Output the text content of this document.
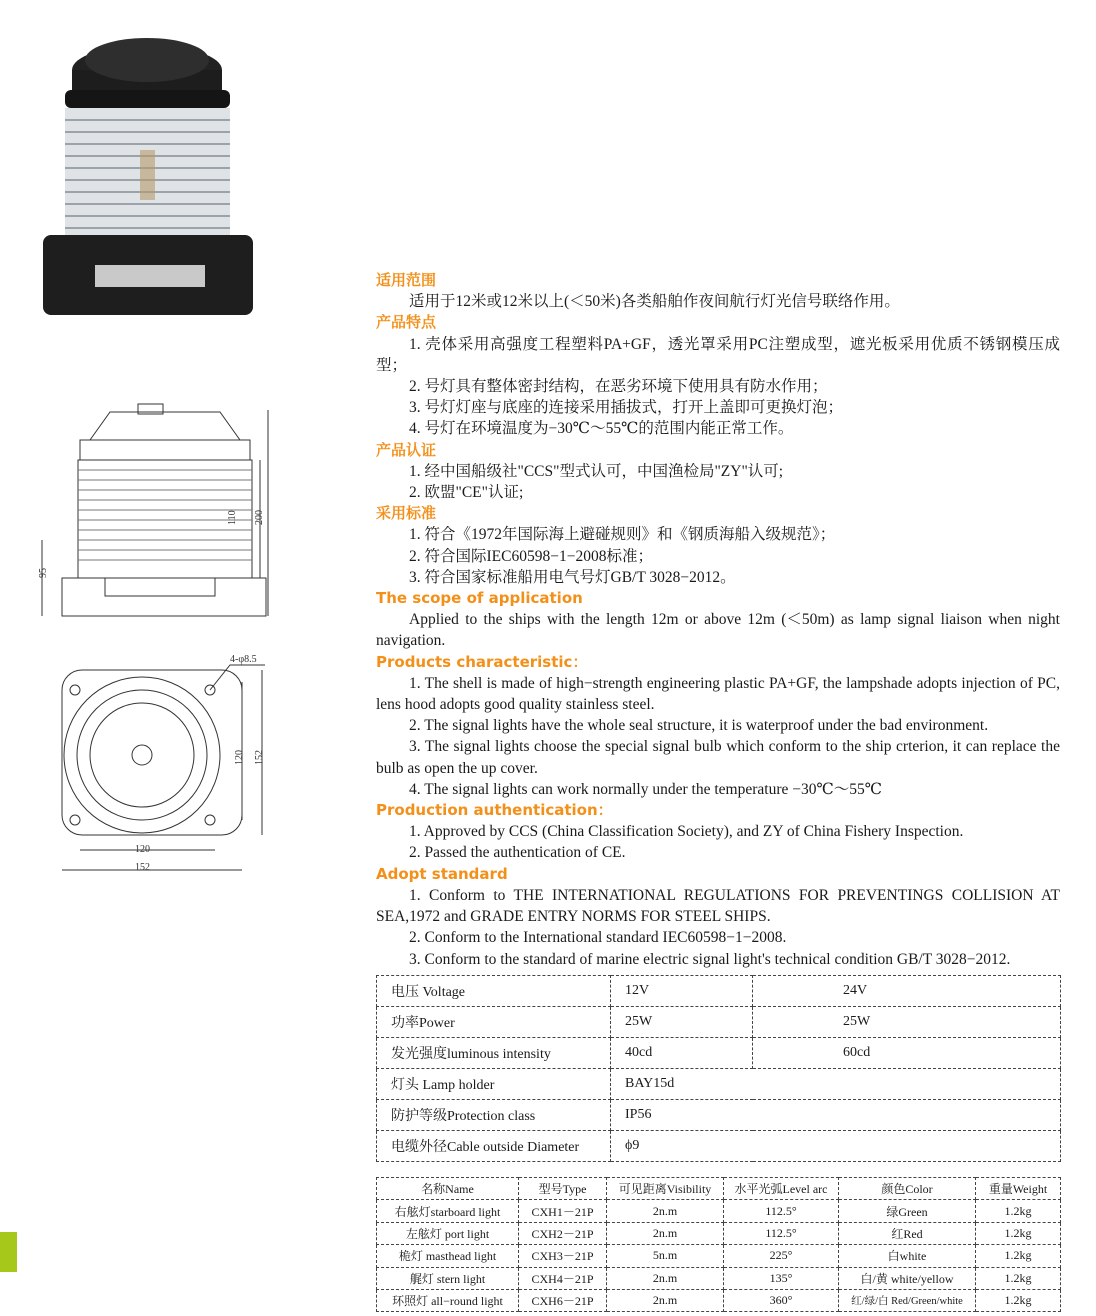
110 200
95
4-φ8.5
120 152
120
152
适用范围

适用于12米或12米以上(＜50米)各类船舶作夜间航行灯光信号联络作用。

产品特点

1. 壳体采用高强度工程塑料PA+GF，透光罩采用PC注塑成型，遮光板采用优质不锈钢模压成型；

2. 号灯具有整体密封结构，在恶劣环境下使用具有防水作用；

3. 号灯灯座与底座的连接采用插拔式，打开上盖即可更换灯泡；

4. 号灯在环境温度为−30℃～55℃的范围内能正常工作。

产品认证

1. 经中国船级社"CCS"型式认可，中国渔检局"ZY"认可;

2. 欧盟"CE"认证;

采用标准

1. 符合《1972年国际海上避碰规则》和《钢质海船入级规范》；

2. 符合国际IEC60598−1−2008标准；

3. 符合国家标准船用电气号灯GB/T 3028−2012。

The scope of application

Applied to the ships with the length 12m or above 12m (＜50m) as lamp signal liaison when night navigation.

Products characteristic：

1. The shell is made of high−strength engineering plastic PA+GF, the lampshade adopts injection of PC, lens hood adopts good quality stainless steel.

2. The signal lights have the whole seal structure, it is waterproof under the bad environment.

3. The signal lights choose the special signal bulb which conform to the ship crterion, it can replace the bulb as open the up cover.

4. The signal lights can work normally under the temperature −30℃～55℃

Production authentication：

1. Approved by CCS (China Classification Society), and ZY of China Fishery Inspection.

2. Passed the authentication of CE.

Adopt standard

1. Conform to THE INTERNATIONAL REGULATIONS FOR PREVENTINGS COLLISION AT SEA,1972 and GRADE ENTRY NORMS FOR STEEL SHIPS.

2. Conform to the International standard IEC60598−1−2008.

3. Conform to the standard of marine electric signal light's technical condition GB/T 3028−2012.

电压 Voltage	12V	24V
功率Power	25W	25W
发光强度luminous intensity	40cd	60cd
灯头 Lamp holder	BAY15d	
防护等级Protection class	IP56	
电缆外径Cable outside Diameter	ϕ9	
名称Name	型号Type	可见距离Visibility	水平光弧Level arc	颜色Color	重量Weight
右舷灯starboard light	CXH1－21P	2n.m	112.5°	绿Green	1.2kg
左舷灯 port light	CXH2－21P	2n.m	112.5°	红Red	1.2kg
桅灯 masthead light	CXH3－21P	5n.m	225°	白white	1.2kg
艉灯 stern light	CXH4－21P	2n.m	135°	白/黄 white/yellow	1.2kg
环照灯 all−round light	CXH6－21P	2n.m	360°	红/绿/白 Red/Green/white	1.2kg
